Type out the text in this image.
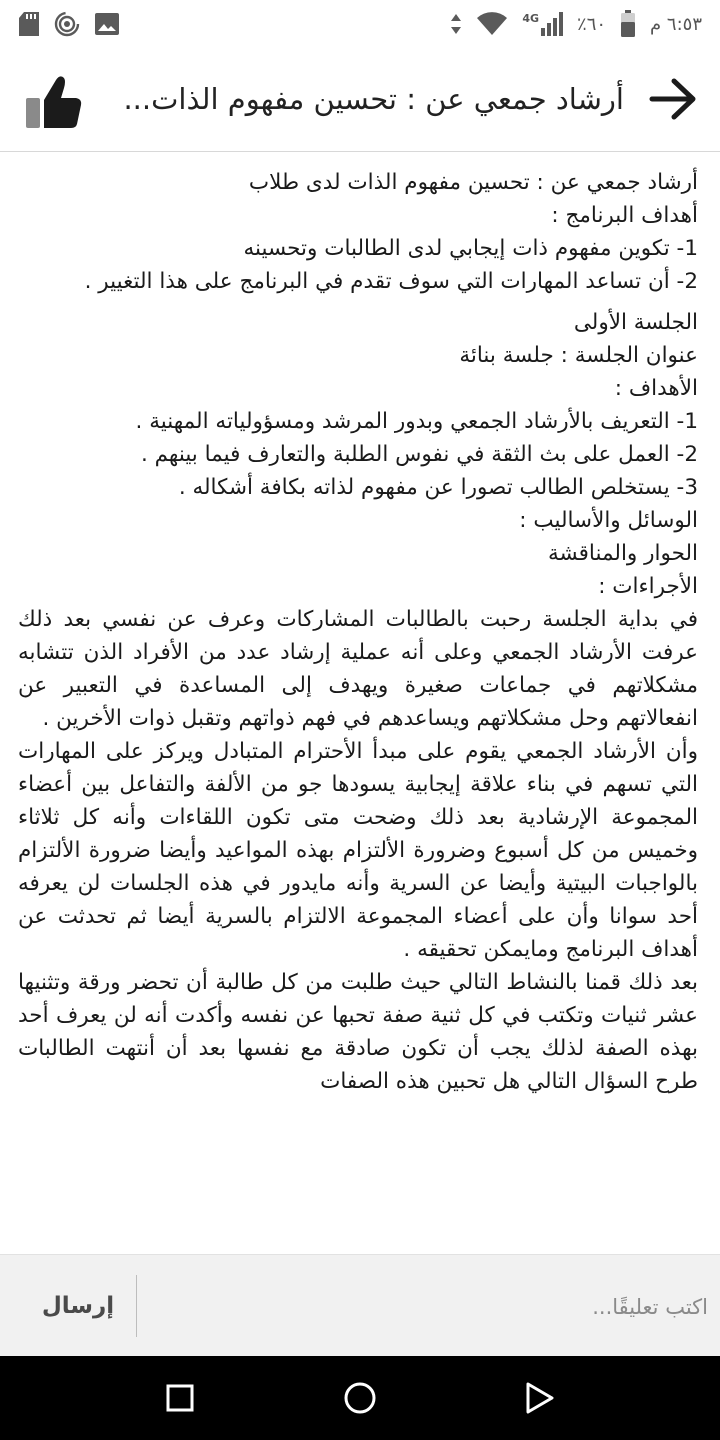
4G ٪٦٠ ٦:٥٣ م
أرشاد جمعي عن : تحسين مفهوم الذات...

أرشاد جمعي عن : تحسين مفهوم الذات لدى طلاب

أهداف البرنامج :

1- تكوين مفهوم ذات إيجابي لدى الطالبات وتحسينه

2- أن تساعد المهارات التي سوف تقدم في البرنامج على هذا التغيير .

الجلسة الأولى

عنوان الجلسة : جلسة بنائة

الأهداف :

1- التعريف بالأرشاد الجمعي وبدور المرشد ومسؤولياته المهنية .

2- العمل على بث الثقة في نفوس الطلبة والتعارف فيما بينهم .

3- يستخلص الطالب تصورا عن مفهوم لذاته بكافة أشكاله .

الوسائل والأساليب :

الحوار والمناقشة

الأجراءات :

في بداية الجلسة رحبت بالطالبات المشاركات وعرف عن نفسي بعد ذلك عرفت الأرشاد الجمعي وعلى أنه عملية إرشاد عدد من الأفراد الذن تتشابه مشكلاتهم في جماعات صغيرة ويهدف إلى المساعدة في التعبير عن انفعالاتهم وحل مشكلاتهم ويساعدهم في فهم ذواتهم وتقبل ذوات الأخرين .

وأن الأرشاد الجمعي يقوم على مبدأ الأحترام المتبادل ويركز على المهارات التي تسهم في بناء علاقة إيجابية يسودها جو من الألفة والتفاعل بين أعضاء المجموعة الإرشادية بعد ذلك وضحت متى تكون اللقاءات وأنه كل ثلاثاء وخميس من كل أسبوع وضرورة الألتزام بهذه المواعيد وأيضا ضرورة الألتزام بالواجبات البيتية وأيضا عن السرية وأنه مايدور في هذه الجلسات لن يعرفه أحد سوانا وأن على أعضاء المجموعة الالتزام بالسرية أيضا ثم تحدثت عن أهداف البرنامج ومايمكن تحقيقه .

بعد ذلك قمنا بالنشاط التالي حيث طلبت من كل طالبة أن تحضر ورقة وتثنيها عشر ثنيات وتكتب في كل ثنية صفة تحبها عن نفسه وأكدت أنه لن يعرف أحد بهذه الصفة لذلك يجب أن تكون صادقة مع نفسها بعد أن أنتهت الطالبات طرح السؤال التالي هل تحبين هذه الصفات

اكتب تعليقًا...
إرسال
